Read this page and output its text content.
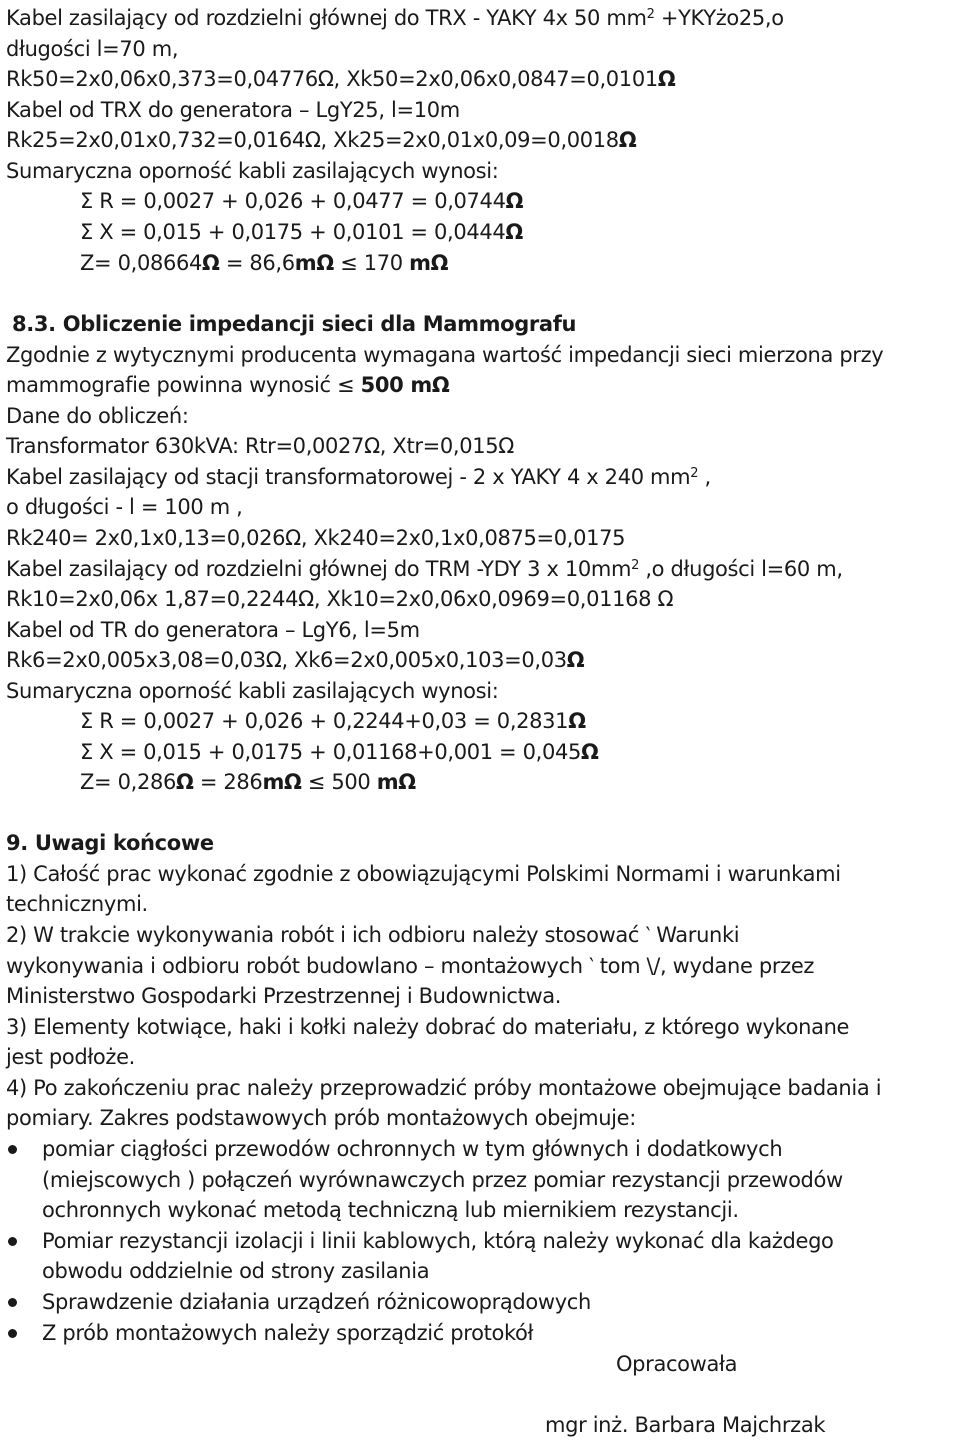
Kabel zasilający od rozdzielni głównej do TRX - YAKY 4x 50 $mm^2$ +YKYżo25,o
długości l=70 m,
Rk50=2x0,06x0,373=0,04776Ω, Xk50=2x0,06x0,0847=0,0101Ω
Kabel od TRX do generatora – LgY25, l=10m
Rk25=2x0,01x0,732=0,0164Ω, Xk25=2x0,01x0,09=0,0018Ω
Sumaryczna oporność kabli zasilających wynosi:
Σ R = 0,0027 + 0,026 + 0,0477 = 0,0744Ω
Σ X = 0,015 + 0,0175 + 0,0101 = 0,0444Ω
Z= 0,08664Ω = 86,6mΩ ≤ 170 mΩ
8.3. Obliczenie impedancji sieci dla Mammografu
Zgodnie z wytycznymi producenta wymagana wartość impedancji sieci mierzona przy
mammografie powinna wynosić ≤ 500 mΩ
Dane do obliczeń:
Transformator 630kVA: Rtr=0,0027Ω, Xtr=0,015Ω
Kabel zasilający od stacji transformatorowej - 2 x YAKY 4 x 240 $mm^2$ ,
o długości - l = 100 m ,
Rk240= 2x0,1x0,13=0,026Ω, Xk240=2x0,1x0,0875=0,0175
Kabel zasilający od rozdzielni głównej do TRM -YDY 3 x $10mm^2$ ,o długości l=60 m,
Rk10=2x0,06x 1,87=0,2244Ω, Xk10=2x0,06x0,0969=0,01168 Ω
Kabel od TR do generatora – LgY6, l=5m
Rk6=2x0,005x3,08=0,03Ω, Xk6=2x0,005x0,103=0,03Ω
Sumaryczna oporność kabli zasilających wynosi:
Σ R = 0,0027 + 0,026 + 0,2244+0,03 = 0,2831Ω
Σ X = 0,015 + 0,0175 + 0,01168+0,001 = 0,045Ω
Z= 0,286Ω = 286mΩ ≤ 500 mΩ
9. Uwagi końcowe
1) Całość prac wykonać zgodnie z obowiązującymi Polskimi Normami i warunkami
technicznymi.
2) W trakcie wykonywania robót i ich odbioru należy stosować ‵ Warunki
wykonywania i odbioru robót budowlano – montażowych ‵ tom \/, wydane przez
Ministerstwo Gospodarki Przestrzennej i Budownictwa.
3) Elementy kotwiące, haki i kołki należy dobrać do materiału, z którego wykonane
jest podłoże.
4) Po zakończeniu prac należy przeprowadzić próby montażowe obejmujące badania i
pomiary. Zakres podstawowych prób montażowych obejmuje:
pomiar ciągłości przewodów ochronnych w tym głównych i dodatkowych
(miejscowych ) połączeń wyrównawczych przez pomiar rezystancji przewodów
ochronnych wykonać metodą techniczną lub miernikiem rezystancji.
Pomiar rezystancji izolacji i linii kablowych, którą należy wykonać dla każdego
obwodu oddzielnie od strony zasilania
Sprawdzenie działania urządzeń różnicowoprądowych
Z prób montażowych należy sporządzić protokół
Opracowała
mgr inż. Barbara Majchrzak
